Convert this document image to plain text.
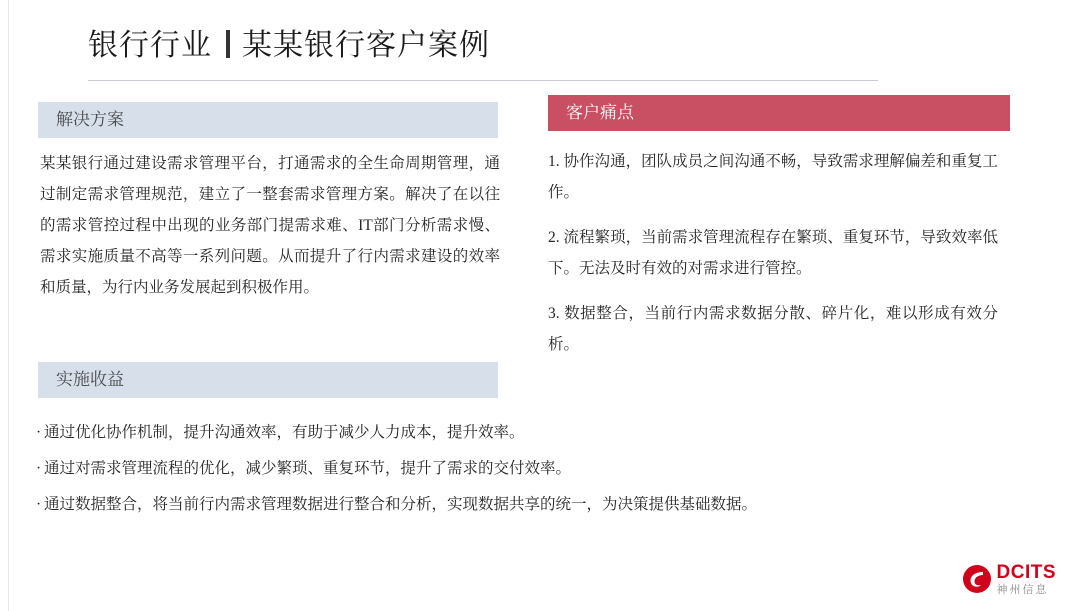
银行行业 某某银行客户案例
解决方案
某某银行通过建设需求管理平台，打通需求的全生命周期管理，通过制定需求管理规范，建立了一整套需求管理方案。解决了在以往的需求管控过程中出现的业务部门提需求难、IT部门分析需求慢、需求实施质量不高等一系列问题。从而提升了行内需求建设的效率和质量，为行内业务发展起到积极作用。
客户痛点
1. 协作沟通，团队成员之间沟通不畅，导致需求理解偏差和重复工作。
2. 流程繁琐，当前需求管理流程存在繁琐、重复环节，导致效率低下。无法及时有效的对需求进行管控。
3. 数据整合，当前行内需求数据分散、碎片化，难以形成有效分析。
实施收益
· 通过优化协作机制，提升沟通效率，有助于减少人力成本，提升效率。
· 通过对需求管理流程的优化，减少繁琐、重复环节，提升了需求的交付效率。
· 通过数据整合，将当前行内需求管理数据进行整合和分析，实现数据共享的统一，为决策提供基础数据。
DCITS
神州信息
